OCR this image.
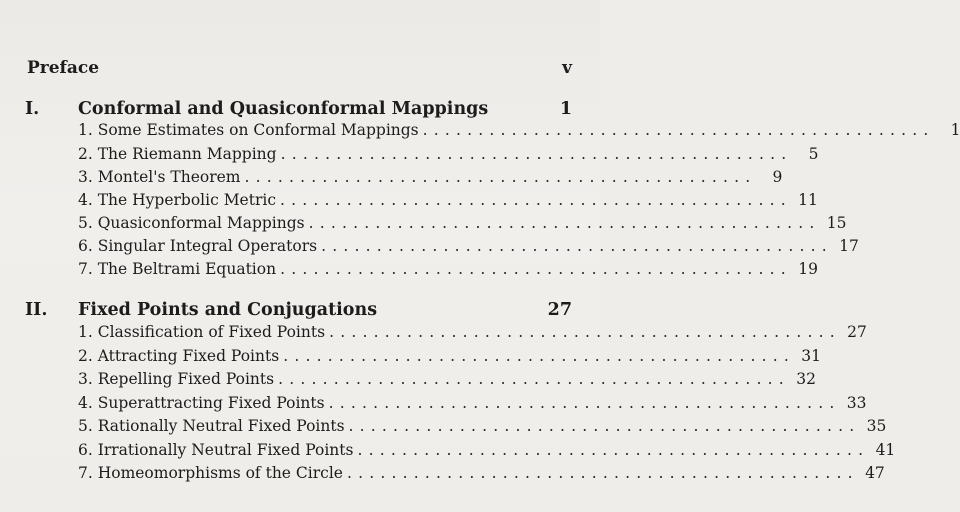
Preface	v
I. Conformal and Quasiconformal Mappings	1
1. Some Estimates on Conformal Mappings ..............................................	1
2. The Riemann Mapping ..............................................	5
3. Montel's Theorem ..............................................	9
4. The Hyperbolic Metric .............................................. 11
5. Quasiconformal Mappings .............................................. 15
6. Singular Integral Operators .............................................. 17
7. The Beltrami Equation .............................................. 19
II. Fixed Points and Conjugations	27
1. Classification of Fixed Points .............................................. 27
2. Attracting Fixed Points .............................................. 31
3. Repelling Fixed Points .............................................. 32
4. Superattracting Fixed Points .............................................. 33
5. Rationally Neutral Fixed Points .............................................. 35
6. Irrationally Neutral Fixed Points .............................................. 41
7. Homeomorphisms of the Circle .............................................. 47
